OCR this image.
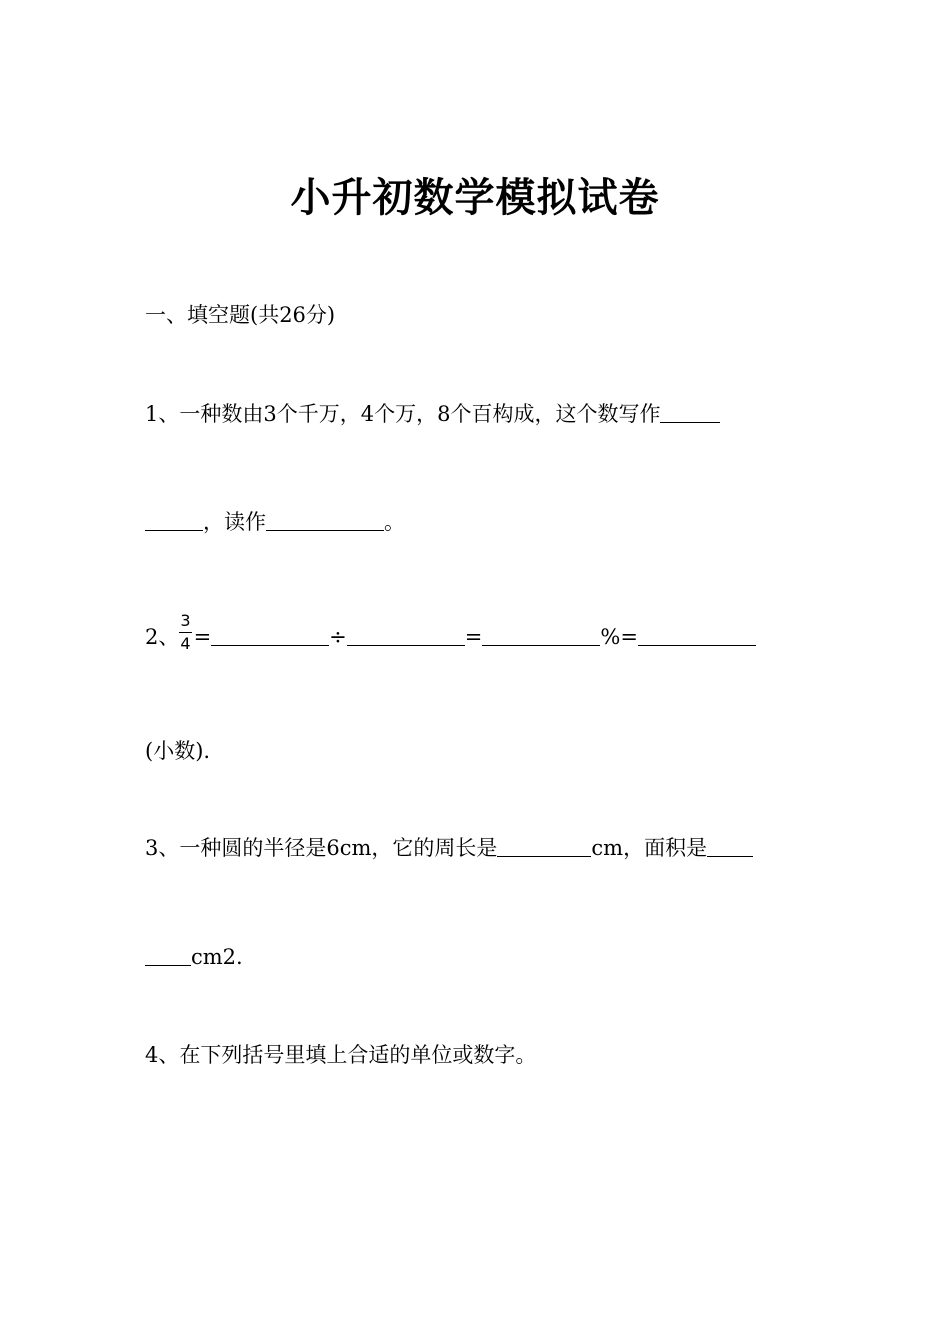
小升初数学模拟试卷
一、填空题(共26分)
1、一种数由3个千万，4个万，8个百构成，这个数写作
，读作	。
2、 $\frac{3}{4}$ =	÷	=	%=
(小数).
3、一种圆的半径是6cm，它的周长是	cm，面积是
cm2.
4、在下列括号里填上合适的单位或数字。
